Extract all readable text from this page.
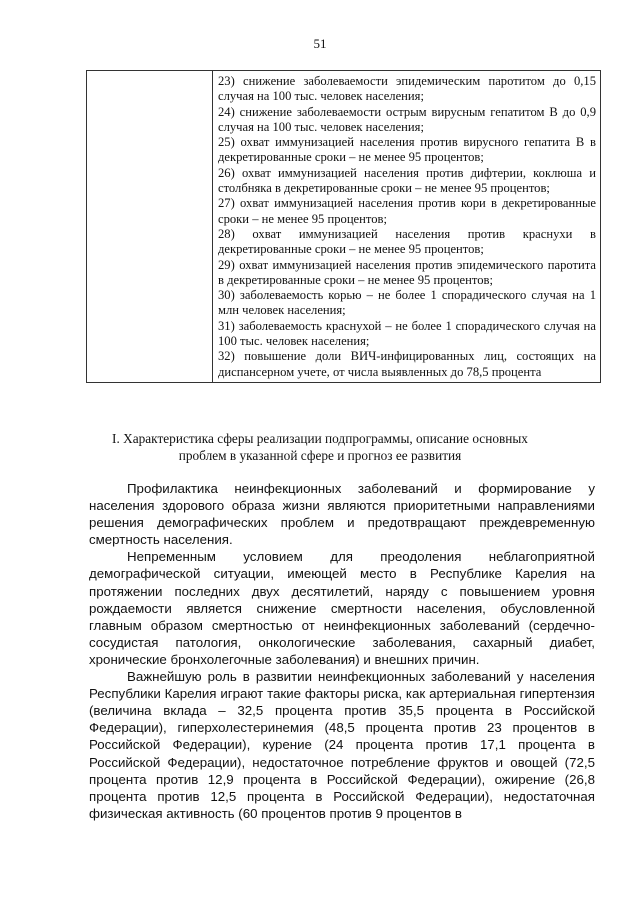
51

23) снижение заболеваемости эпидемическим паротитом до 0,15 случая на 100 тыс. человек населения;

24) снижение заболеваемости острым вирусным гепатитом В до 0,9 случая на 100 тыс. человек населения;

25) охват иммунизацией населения против вирусного гепатита В в декретированные сроки – не менее 95 процентов;

26) охват иммунизацией населения против дифтерии, коклюша и столбняка в декретированные сроки – не менее 95 процентов;

27) охват иммунизацией населения против кори в декретированные сроки – не менее 95 процентов;

28) охват иммунизацией населения против краснухи в декретированные сроки – не менее 95 процентов;

29) охват иммунизацией населения против эпидемического паротита в декретированные сроки – не менее 95 процентов;

30) заболеваемость корью – не более 1 спорадического случая на 1 млн человек населения;

31) заболеваемость краснухой – не более 1 спорадического случая на 100 тыс. человек населения;

32) повышение доли ВИЧ-инфицированных лиц, состоящих на диспансерном учете, от числа выявленных до 78,5 процента

I. Характеристика сферы реализации подпрограммы, описание основных проблем в указанной сфере и прогноз ее развития

Профилактика неинфекционных заболеваний и формирование у населения здорового образа жизни являются приоритетными направлениями решения демографических проблем и предотвращают преждевременную смертность населения.

Непременным условием для преодоления неблагоприятной демографической ситуации, имеющей место в Республике Карелия на протяжении последних двух десятилетий, наряду с повышением уровня рождаемости является снижение смертности населения, обусловленной главным образом смертностью от неинфекционных заболеваний (сердечно-сосудистая патология, онкологические заболевания, сахарный диабет, хронические бронхолегочные заболевания) и внешних причин.

Важнейшую роль в развитии неинфекционных заболеваний у населения Республики Карелия играют такие факторы риска, как артериальная гипертензия (величина вклада – 32,5 процента против 35,5 процента в Российской Федерации), гиперхолестеринемия (48,5 процента против 23 процентов в Российской Федерации), курение (24 процента против 17,1 процента в Российской Федерации), недостаточное потребление фруктов и овощей (72,5 процента против 12,9 процента в Российской Федерации), ожирение (26,8 процента против 12,5 процента в Российской Федерации), недостаточная физическая активность (60 процентов против 9 процентов в
